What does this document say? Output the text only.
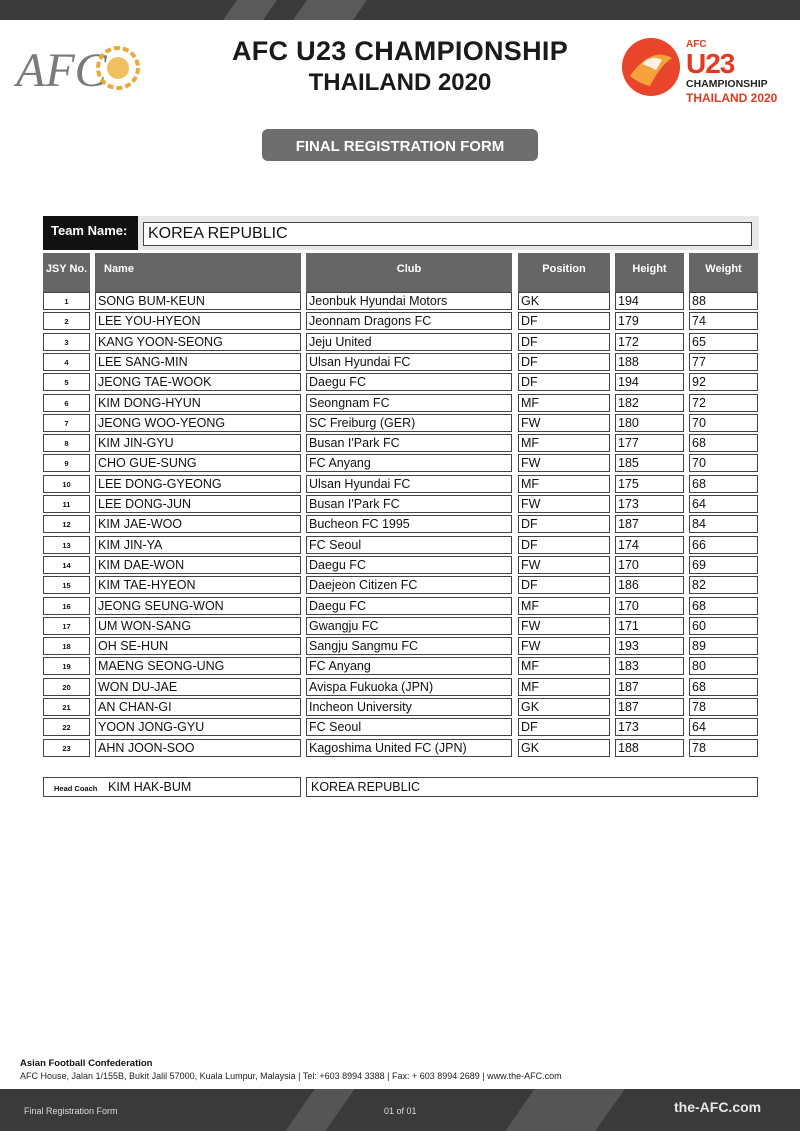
AFC	AFC U23 CHAMPIONSHIP
THAILAND 2020
AFC
U23
CHAMPIONSHIP
THAILAND 2020
FINAL REGISTRATION FORM
Team Name:	KOREA REPUBLIC
JSY No.	Name	Club	Position	Height	Weight
1	SONG BUM-KEUN	Jeonbuk Hyundai Motors	GK	194	88
2	LEE YOU-HYEON	Jeonnam Dragons FC	DF	179	74
3	KANG YOON-SEONG	Jeju United	DF	172	65
4	LEE SANG-MIN	Ulsan Hyundai FC	DF	188	77
5	JEONG TAE-WOOK	Daegu FC	DF	194	92
6	KIM DONG-HYUN	Seongnam FC	MF	182	72
7	JEONG WOO-YEONG	SC Freiburg (GER)	FW	180	70
8	KIM JIN-GYU	Busan I'Park FC	MF	177	68
9	CHO GUE-SUNG	FC Anyang	FW	185	70
10	LEE DONG-GYEONG	Ulsan Hyundai FC	MF	175	68
11	LEE DONG-JUN	Busan I'Park FC	FW	173	64
12	KIM JAE-WOO	Bucheon FC 1995	DF	187	84
13	KIM JIN-YA	FC Seoul	DF	174	66
14	KIM DAE-WON	Daegu FC	FW	170	69
15	KIM TAE-HYEON	Daejeon Citizen FC	DF	186	82
16	JEONG SEUNG-WON	Daegu FC	MF	170	68
17	UM WON-SANG	Gwangju FC	FW	171	60
18	OH SE-HUN	Sangju Sangmu FC	FW	193	89
19	MAENG SEONG-UNG	FC Anyang	MF	183	80
20	WON DU-JAE	Avispa Fukuoka (JPN)	MF	187	68
21	AN CHAN-GI	Incheon University	GK	187	78
22	YOON JONG-GYU	FC Seoul	DF	173	64
23	AHN JOON-SOO	Kagoshima United FC (JPN)	GK	188	78
Head Coach KIM HAK-BUM	KOREA REPUBLIC
Asian Football Confederation
AFC House, Jalan 1/155B, Bukit Jalil 57000, Kuala Lumpur, Malaysia | Tel: +603 8994 3388 | Fax: + 603 8994 2689 | www.the-AFC.com
Final Registration Form	01 of 01	the-AFC.com
